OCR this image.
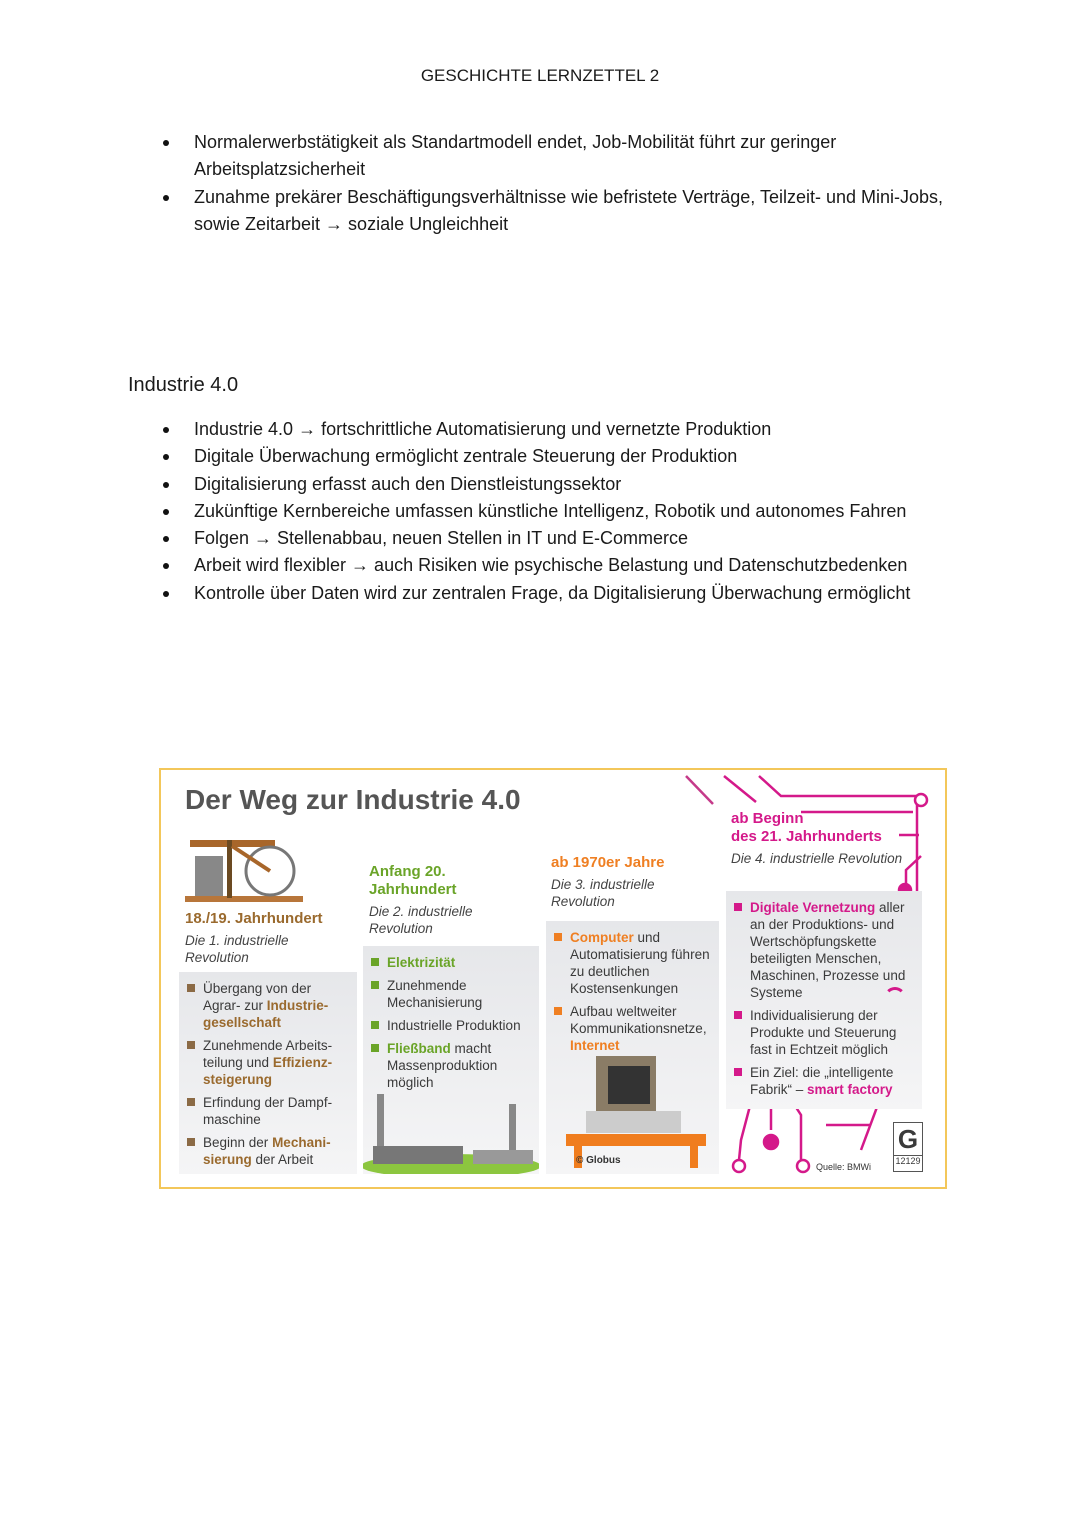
GESCHICHTE LERNZETTEL 2
Normalerwerbstätigkeit als Standartmodell endet, Job-Mobilität führt zur geringer Arbeitsplatzsicherheit
Zunahme prekärer Beschäftigungsverhältnisse wie befristete Verträge, Teilzeit- und Mini-Jobs, sowie Zeitarbeit → soziale Ungleichheit
Industrie 4.0
Industrie 4.0 → fortschrittliche Automatisierung und vernetzte Produktion
Digitale Überwachung ermöglicht zentrale Steuerung der Produktion
Digitalisierung erfasst auch den Dienstleistungssektor
Zukünftige Kernbereiche umfassen künstliche Intelligenz, Robotik und autonomes Fahren
Folgen → Stellenabbau, neuen Stellen in IT und E-Commerce
Arbeit wird flexibler → auch Risiken wie psychische Belastung und Datenschutzbedenken
Kontrolle über Daten wird zur zentralen Frage, da Digitalisierung Überwachung ermöglicht
Der Weg zur Industrie 4.0
18./19. Jahrhundert
Die 1. industrielle Revolution
Übergang von der Agrar- zur Industrie-gesellschaft
Zunehmende Arbeits-teilung und Effizienz-steigerung
Erfindung der Dampf-maschine
Beginn der Mechani-sierung der Arbeit
Anfang 20. Jahrhundert
Die 2. industrielle Revolution
Elektrizität
Zunehmende Mechanisierung
Industrielle Produktion
Fließband macht Massenproduktion möglich
ab 1970er Jahre
Die 3. industrielle Revolution
Computer und Automatisierung führen zu deutlichen Kostensenkungen
Aufbau weltweiter Kommunikationsnetze, Internet
© Globus
ab Beginn
des 21. Jahrhunderts
Die 4. industrielle Revolution
Digitale Vernetzung aller an der Produktions- und Wertschöpfungskette beteiligten Menschen, Maschinen, Prozesse und Systeme
Individualisierung der Produkte und Steuerung fast in Echtzeit möglich
Ein Ziel: die „intelligente Fabrik“ – smart factory
Quelle: BMWi
G
12129
